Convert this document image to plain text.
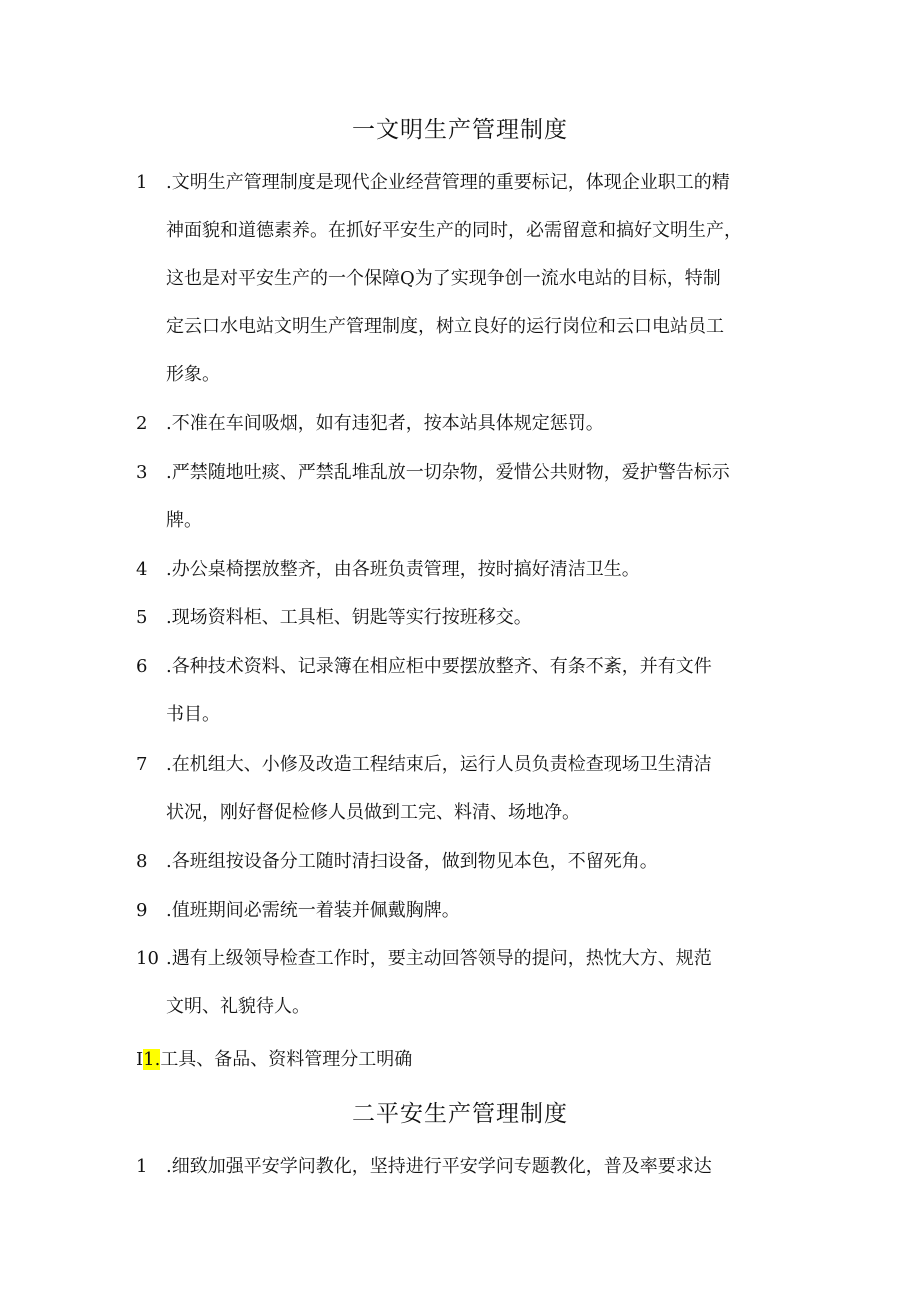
一文明生产管理制度
1 .文明生产管理制度是现代企业经营管理的重要标记，体现企业职工的精
神面貌和道德素养。在抓好平安生产的同时，必需留意和搞好文明生产，
这也是对平安生产的一个保障Q为了实现争创一流水电站的目标，特制
定云口水电站文明生产管理制度，树立良好的运行岗位和云口电站员工
形象。
2 .不准在车间吸烟，如有违犯者，按本站具体规定惩罚。
3 .严禁随地吐痰、严禁乱堆乱放一切杂物，爱惜公共财物，爱护警告标示
牌。
4 .办公桌椅摆放整齐，由各班负责管理，按时搞好清洁卫生。
5 .现场资料柜、工具柜、钥匙等实行按班移交。
6 .各种技术资料、记录簿在相应柜中要摆放整齐、有条不紊，并有文件
书目。
7 .在机组大、小修及改造工程结束后，运行人员负责检查现场卫生清洁
状况，刚好督促检修人员做到工完、料清、场地净。
8 .各班组按设备分工随时清扫设备，做到物见本色，不留死角。
9 .值班期间必需统一着装并佩戴胸牌。
10 .遇有上级领导检查工作时，要主动回答领导的提问，热忱大方、规范
文明、礼貌待人。
I1.工具、备品、资料管理分工明确
二平安生产管理制度
1 .细致加强平安学问教化，坚持进行平安学问专题教化，普及率要求达
